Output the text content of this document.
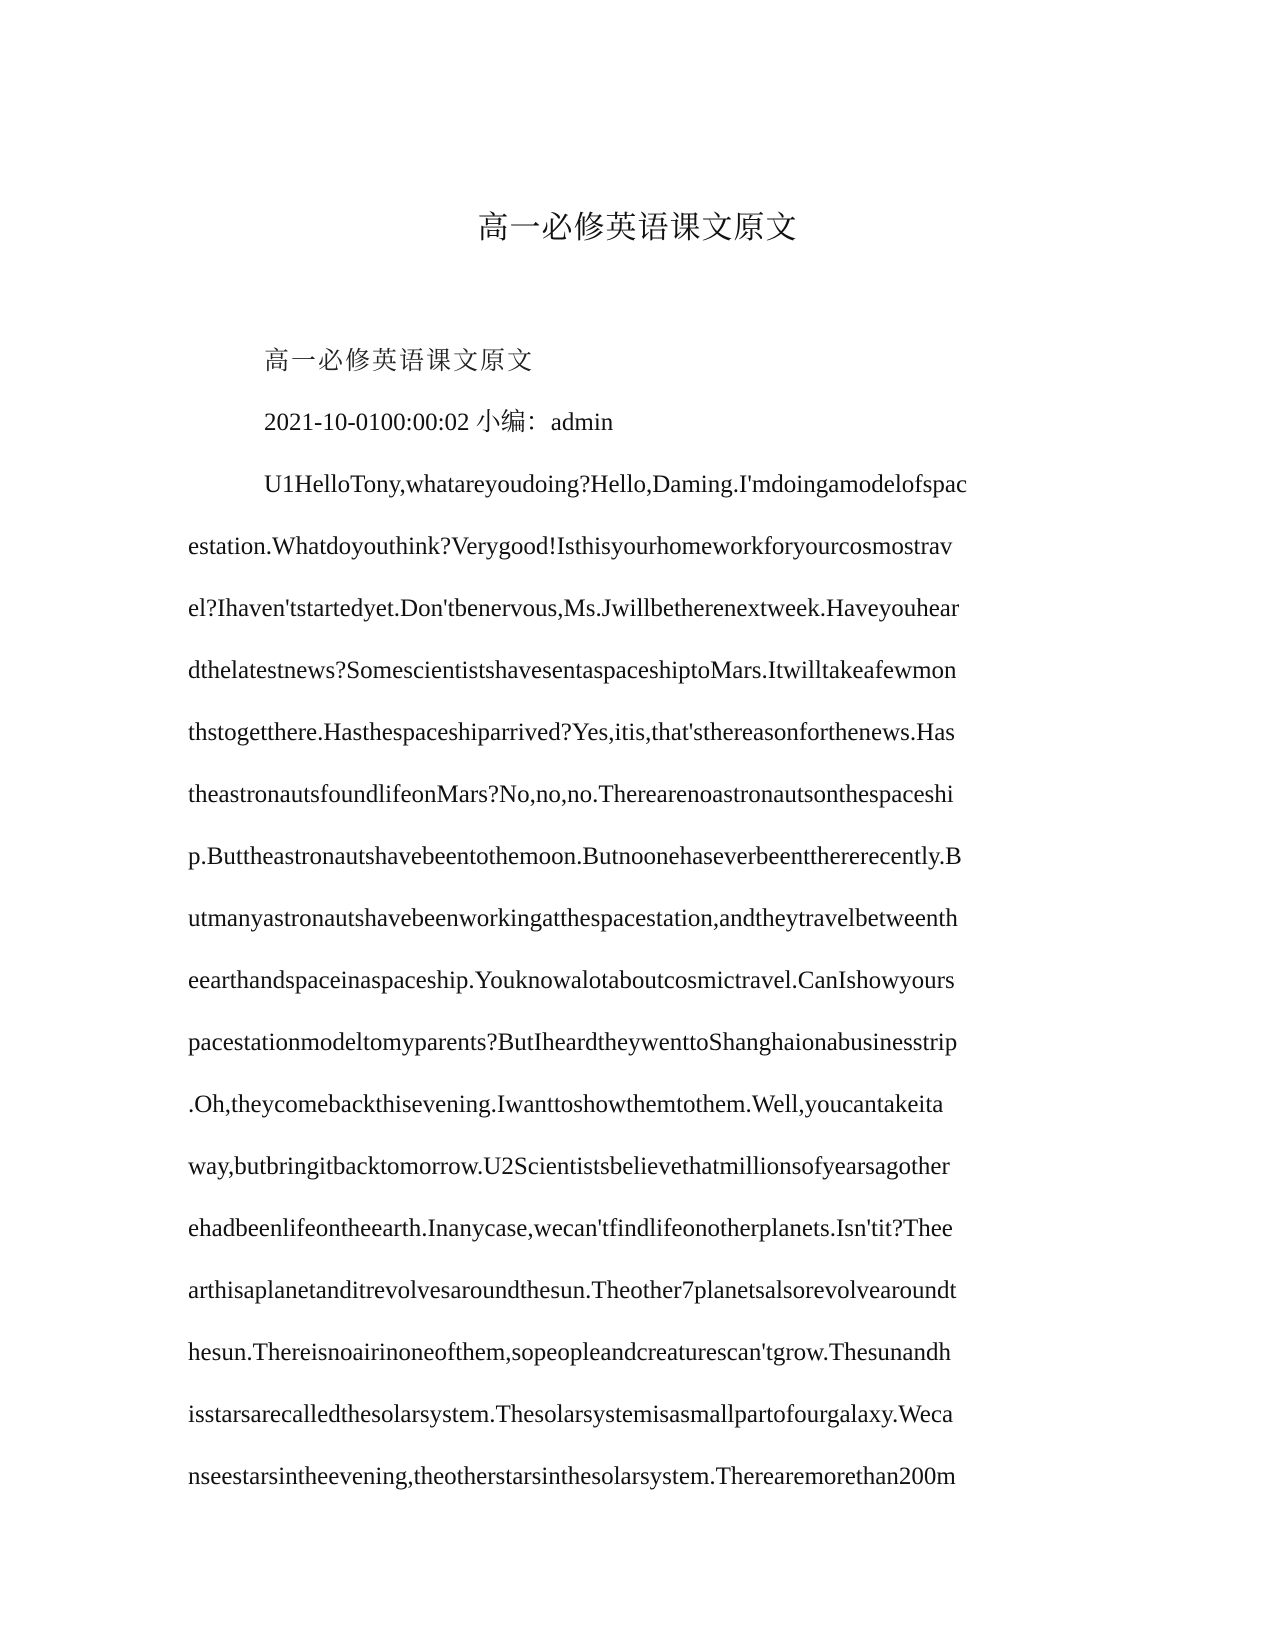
高一必修英语课文原文
高一必修英语课文原文
2021-10-0100:00:02 小编：admin
U1HelloTony,whatareyoudoing?Hello,Daming.I'mdoingamodelofspac
estation.Whatdoyouthink?Verygood!Isthisyourhomeworkforyourcosmostrav
el?Ihaven'tstartedyet.Don'tbenervous,Ms.Jwillbetherenextweek.Haveyouhear
dthelatestnews?SomescientistshavesentaspaceshiptoMars.Itwilltakeafewmon
thstogetthere.Hasthespaceshiparrived?Yes,itis,that'sthereasonforthenews.Has
theastronautsfoundlifeonMars?No,no,no.Therearenoastronautsonthespaceshi
p.Buttheastronautshavebeentothemoon.Butnoonehaseverbeentthererecently.B
utmanyastronautshavebeenworkingatthespacestation,andtheytravelbetweenth
eearthandspaceinaspaceship.Youknowalotaboutcosmictravel.CanIshowyours
pacestationmodeltomyparents?ButIheardtheywenttoShanghaionabusinesstrip
.Oh,theycomebackthisevening.Iwanttoshowthemtothem.Well,youcantakeita
way,butbringitbacktomorrow.U2Scientistsbelievethatmillionsofyearsagother
ehadbeenlifeontheearth.Inanycase,wecan'tfindlifeonotherplanets.Isn'tit?Thee
arthisaplanetanditrevolvesaroundthesun.Theother7planetsalsorevolvearoundt
hesun.Thereisnoairinoneofthem,sopeopleandcreaturescan'tgrow.Thesunandh
isstarsarecalledthesolarsystem.Thesolarsystemisasmallpartofourgalaxy.Weca
nseestarsintheevening,theotherstarsinthesolarsystem.Therearemorethan200m
